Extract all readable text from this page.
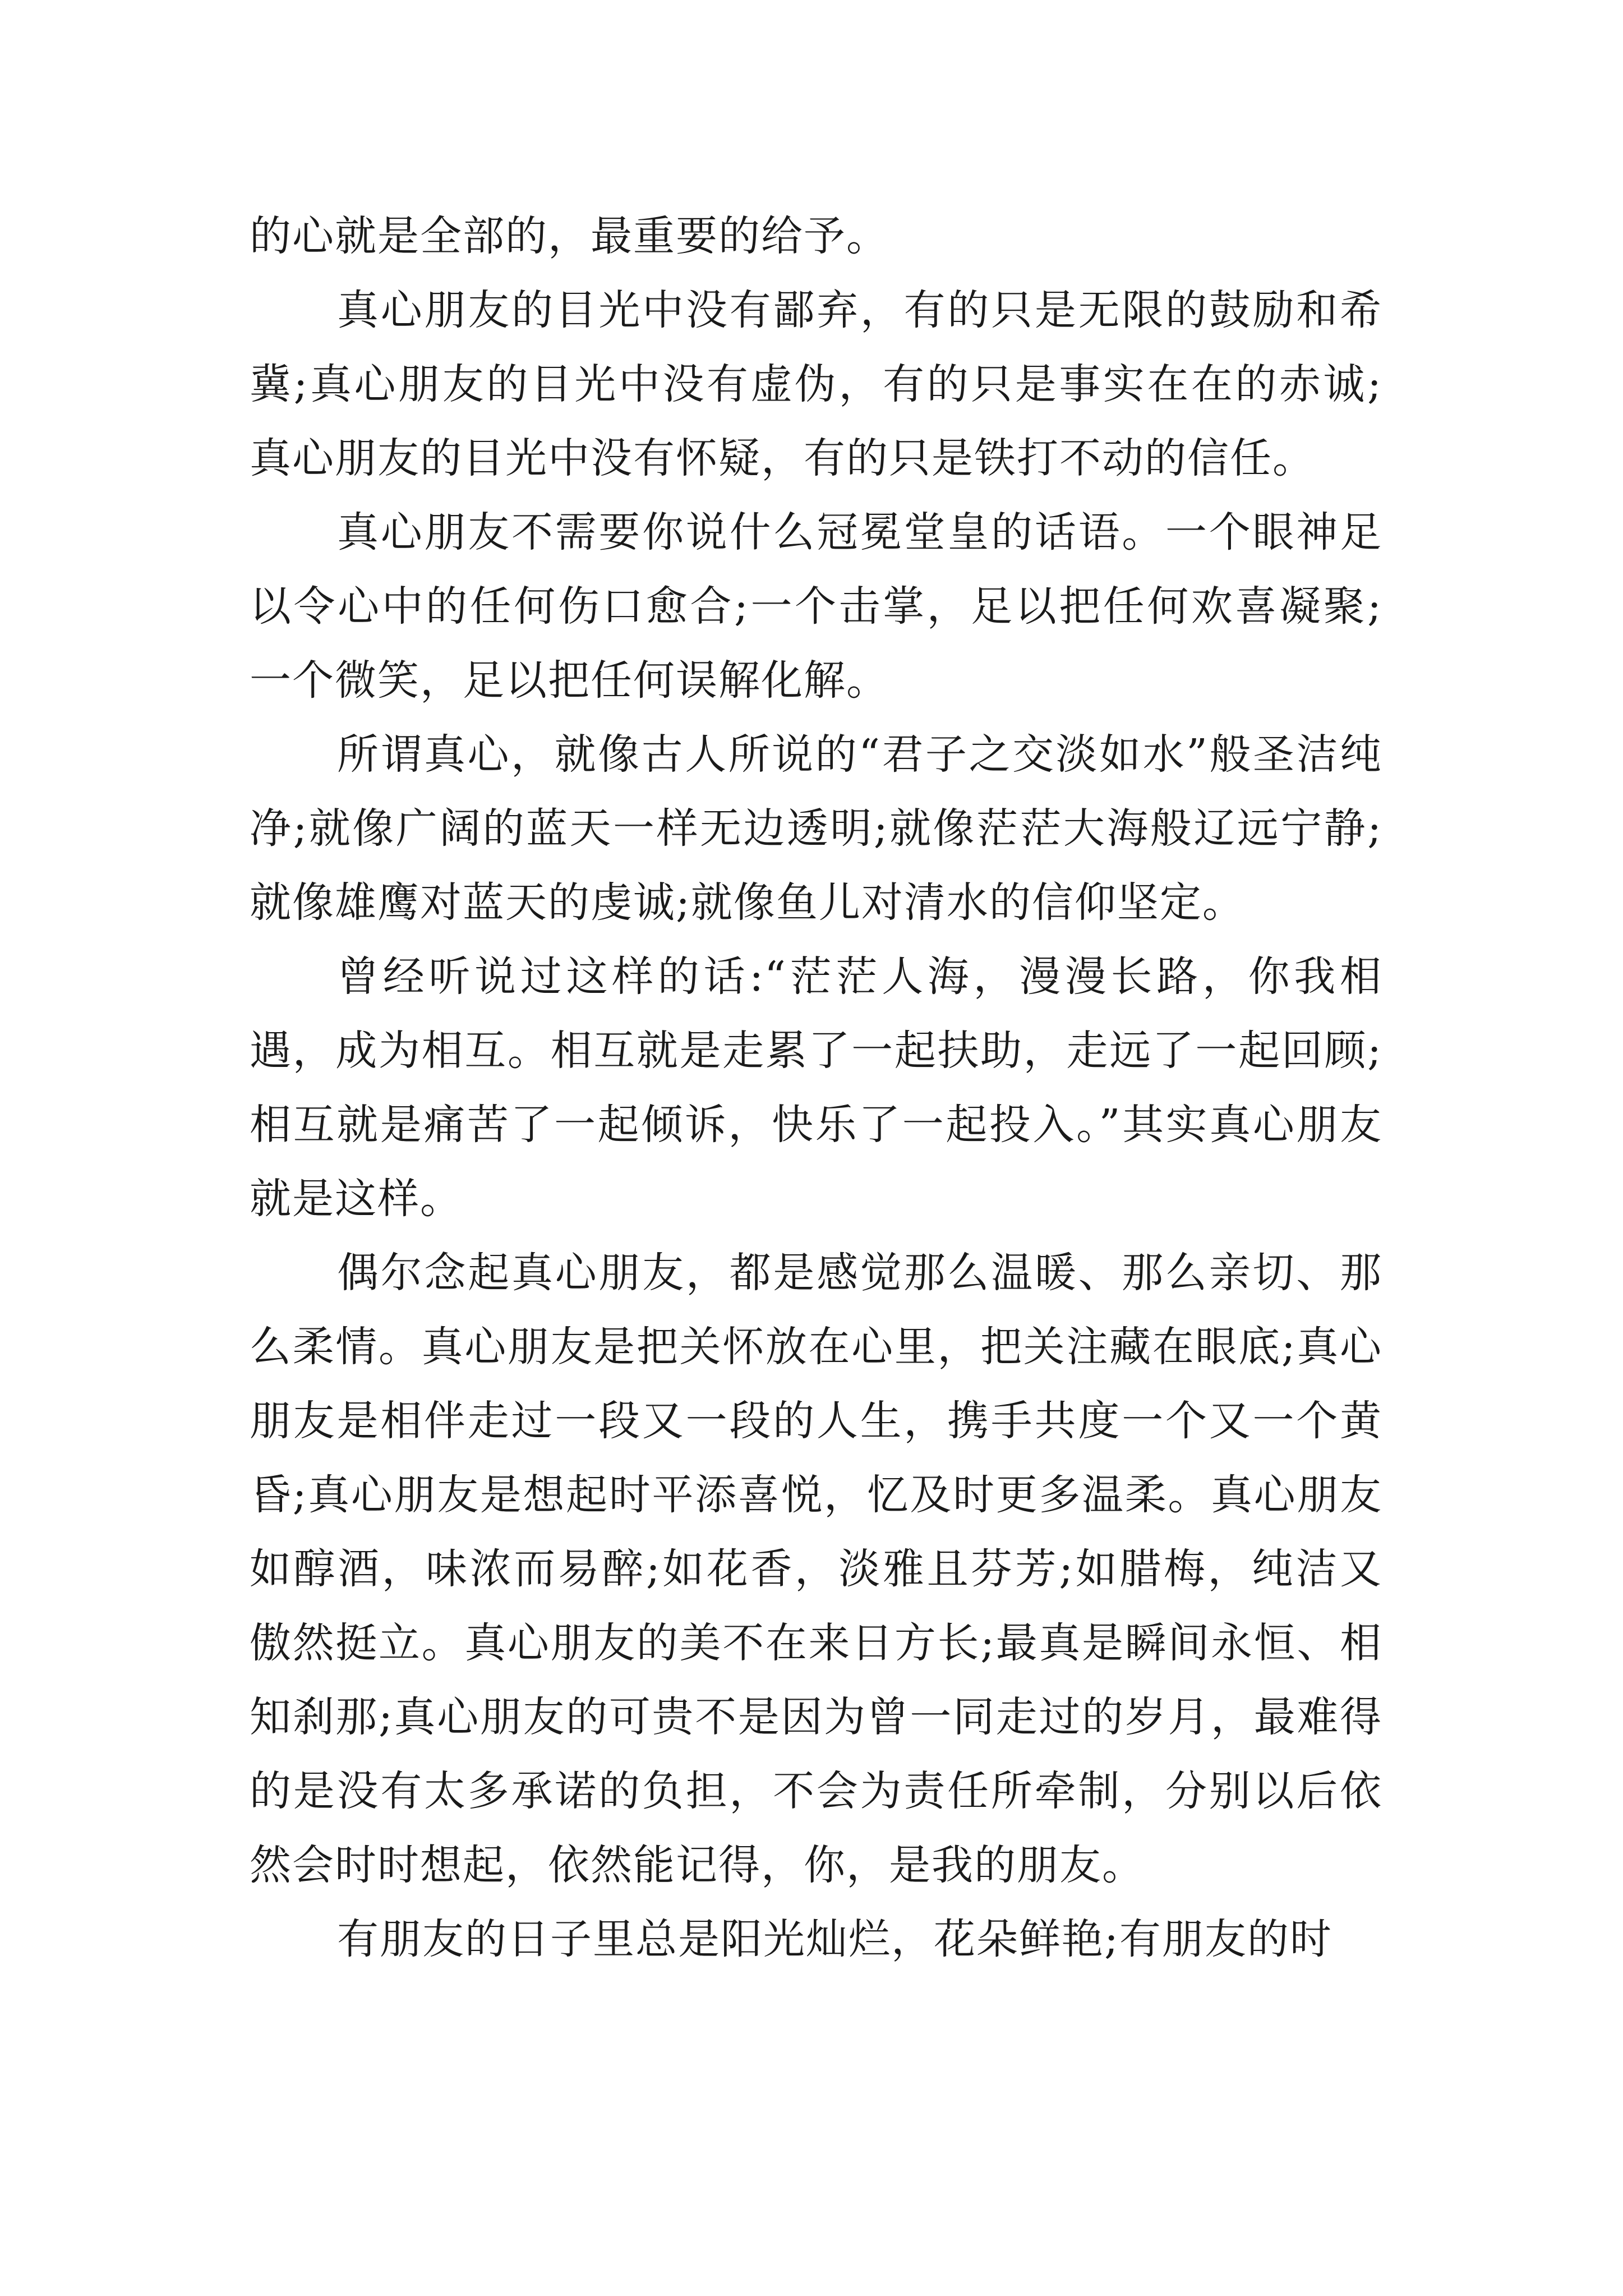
的心就是全部的，最重要的给予。

真心朋友的目光中没有鄙弃，有的只是无限的鼓励和希冀;真心朋友的目光中没有虚伪，有的只是事实在在的赤诚;真心朋友的目光中没有怀疑，有的只是铁打不动的信任。

真心朋友不需要你说什么冠冕堂皇的话语。一个眼神足以令心中的任何伤口愈合;一个击掌，足以把任何欢喜凝聚;一个微笑，足以把任何误解化解。

所谓真心，就像古人所说的“君子之交淡如水”般圣洁纯净;就像广阔的蓝天一样无边透明;就像茫茫大海般辽远宁静;就像雄鹰对蓝天的虔诚;就像鱼儿对清水的信仰坚定。

曾经听说过这样的话:“茫茫人海，漫漫长路，你我相遇，成为相互。相互就是走累了一起扶助，走远了一起回顾;相互就是痛苦了一起倾诉，快乐了一起投入。”其实真心朋友就是这样。

偶尔念起真心朋友，都是感觉那么温暖、那么亲切、那么柔情。真心朋友是把关怀放在心里，把关注藏在眼底;真心朋友是相伴走过一段又一段的人生，携手共度一个又一个黄昏;真心朋友是想起时平添喜悦，忆及时更多温柔。真心朋友如醇酒，味浓而易醉;如花香，淡雅且芬芳;如腊梅，纯洁又傲然挺立。真心朋友的美不在来日方长;最真是瞬间永恒、相知刹那;真心朋友的可贵不是因为曾一同走过的岁月，最难得的是没有太多承诺的负担，不会为责任所牵制，分别以后依然会时时想起，依然能记得，你，是我的朋友。

有朋友的日子里总是阳光灿烂，花朵鲜艳;有朋友的时
